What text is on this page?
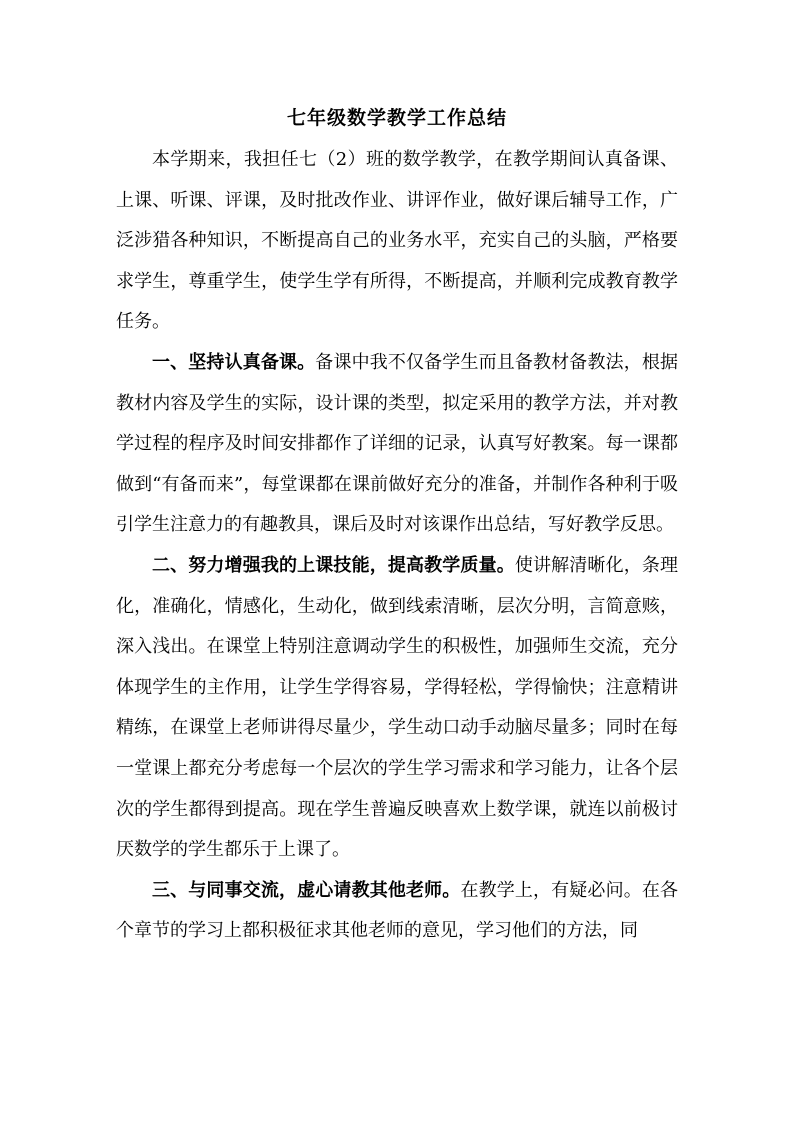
七年级数学教学工作总结

本学期来，我担任七（2）班的数学教学，在教学期间认真备课、上课、听课、评课，及时批改作业、讲评作业，做好课后辅导工作，广泛涉猎各种知识，不断提高自己的业务水平，充实自己的头脑，严格要求学生，尊重学生，使学生学有所得，不断提高，并顺利完成教育教学任务。

一、坚持认真备课。备课中我不仅备学生而且备教材备教法，根据教材内容及学生的实际，设计课的类型，拟定采用的教学方法，并对教学过程的程序及时间安排都作了详细的记录，认真写好教案。每一课都做到“有备而来”，每堂课都在课前做好充分的准备，并制作各种利于吸引学生注意力的有趣教具，课后及时对该课作出总结，写好教学反思。

二、努力增强我的上课技能，提高教学质量。使讲解清晰化，条理化，准确化，情感化，生动化，做到线索清晰，层次分明，言简意赅，深入浅出。在课堂上特别注意调动学生的积极性，加强师生交流，充分体现学生的主作用，让学生学得容易，学得轻松，学得愉快；注意精讲精练，在课堂上老师讲得尽量少，学生动口动手动脑尽量多；同时在每一堂课上都充分考虑每一个层次的学生学习需求和学习能力，让各个层次的学生都得到提高。现在学生普遍反映喜欢上数学课，就连以前极讨厌数学的学生都乐于上课了。

三、与同事交流，虚心请教其他老师。在教学上，有疑必问。在各个章节的学习上都积极征求其他老师的意见，学习他们的方法，同
